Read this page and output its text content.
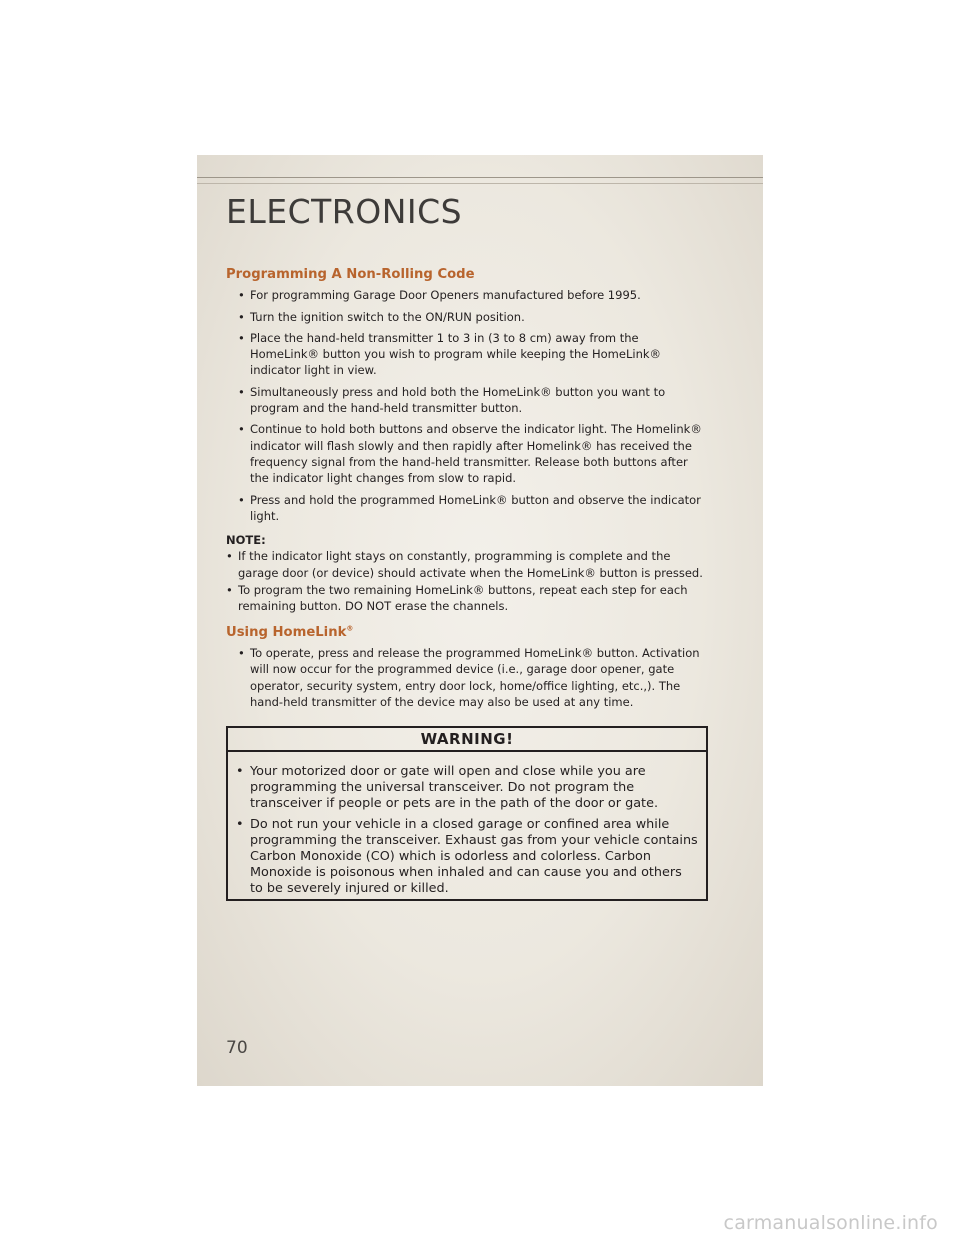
ELECTRONICS
Programming A Non-Rolling Code
• For programming Garage Door Openers manufactured before 1995.
• Turn the ignition switch to the ON/RUN position.
• Place the hand-held transmitter 1 to 3 in (3 to 8 cm) away from the HomeLink® button you wish to program while keeping the HomeLink® indicator light in view.
• Simultaneously press and hold both the HomeLink® button you want to program and the hand-held transmitter button.
• Continue to hold both buttons and observe the indicator light. The Homelink® indicator will flash slowly and then rapidly after Homelink® has received the frequency signal from the hand-held transmitter. Release both buttons after the indicator light changes from slow to rapid.
• Press and hold the programmed HomeLink® button and observe the indicator light.
NOTE:
• If the indicator light stays on constantly, programming is complete and the garage door (or device) should activate when the HomeLink® button is pressed.
• To program the two remaining HomeLink® buttons, repeat each step for each remaining button. DO NOT erase the channels.
Using HomeLink®
• To operate, press and release the programmed HomeLink® button. Activation will now occur for the programmed device (i.e., garage door opener, gate operator, security system, entry door lock, home/office lighting, etc.,). The hand-held transmitter of the device may also be used at any time.
WARNING!
• Your motorized door or gate will open and close while you are programming the universal transceiver. Do not program the transceiver if people or pets are in the path of the door or gate.
• Do not run your vehicle in a closed garage or confined area while programming the transceiver. Exhaust gas from your vehicle contains Carbon Monoxide (CO) which is odorless and colorless. Carbon Monoxide is poisonous when inhaled and can cause you and others to be severely injured or killed.
70
carmanualsonline.info
